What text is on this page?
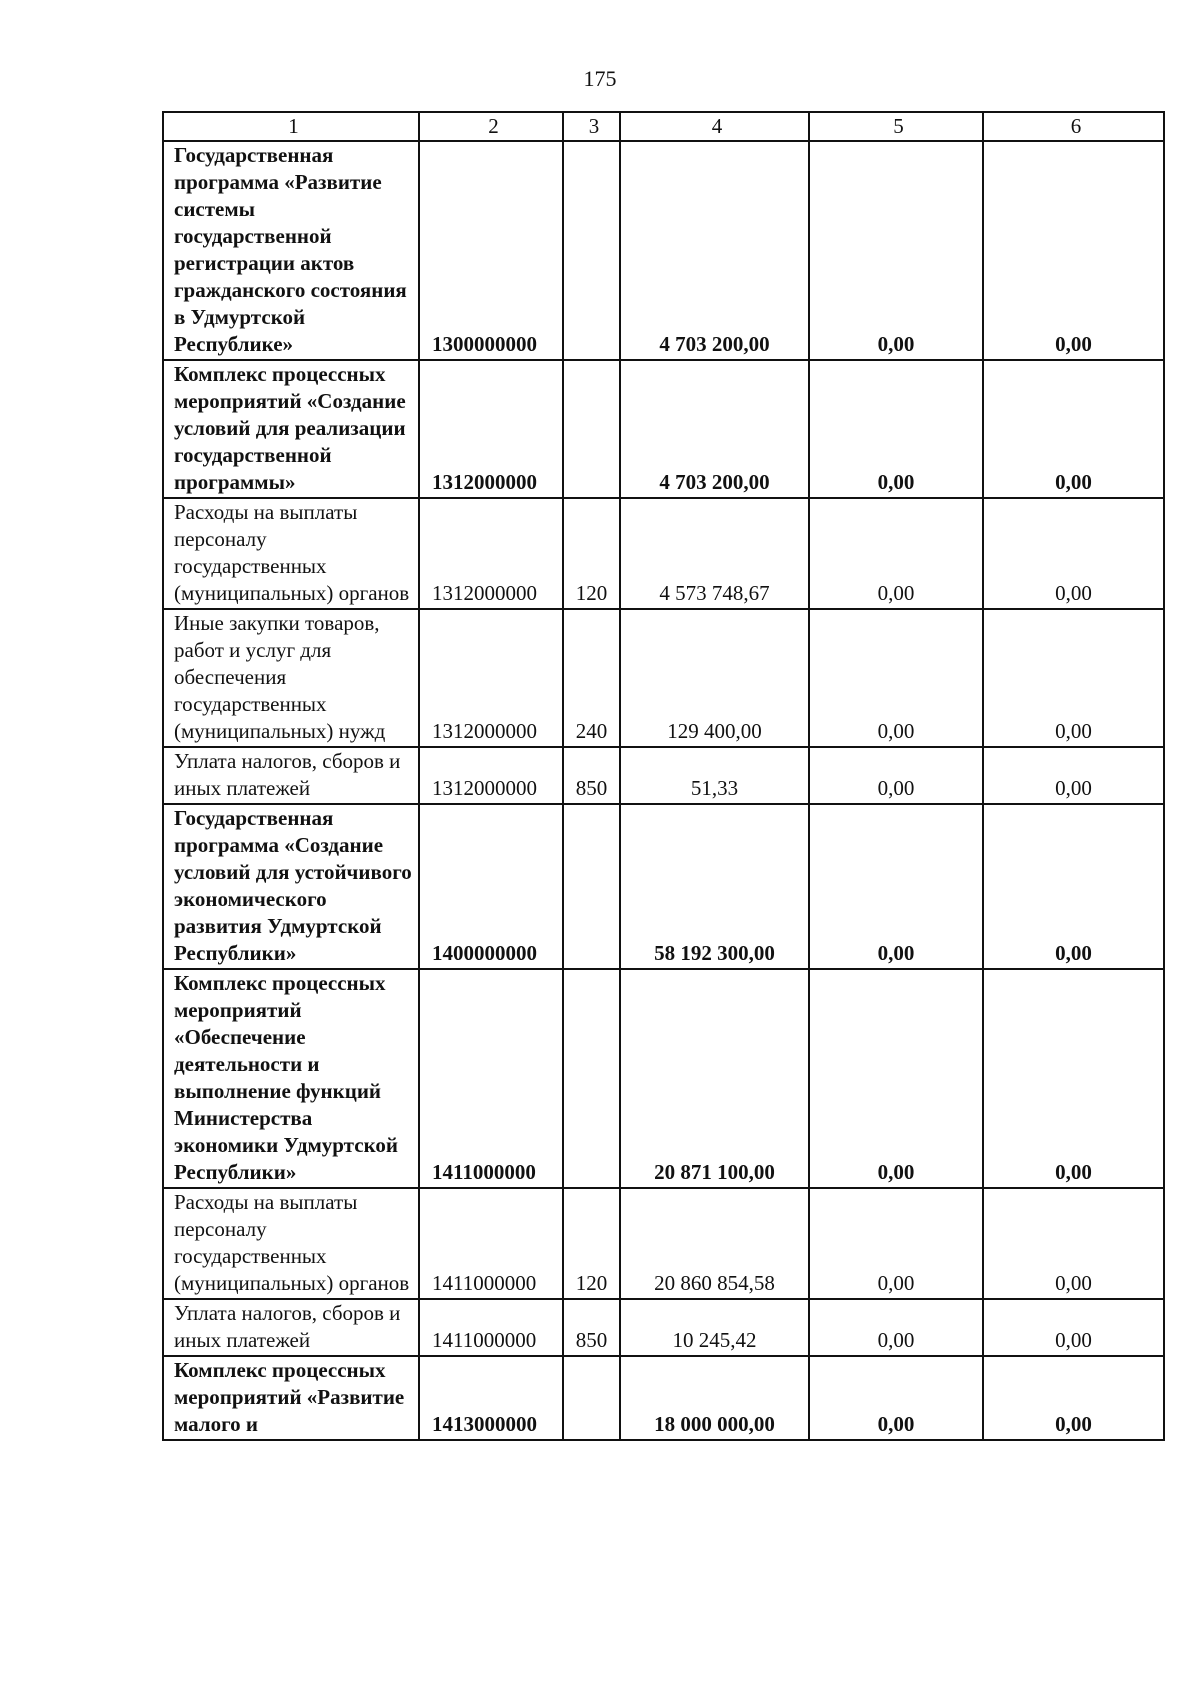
175
1	2	3	4	5	6
Государственная программа «Развитие системы государственной регистрации актов гражданского состояния в Удмуртской Республике»	1300000000		4 703 200,00	0,00	0,00
Комплекс процессных мероприятий «Создание условий для реализации государственной программы»	1312000000		4 703 200,00	0,00	0,00
Расходы на выплаты персоналу государственных (муниципальных) органов	1312000000	120	4 573 748,67	0,00	0,00
Иные закупки товаров, работ и услуг для обеспечения государственных (муниципальных) нужд	1312000000	240	129 400,00	0,00	0,00
Уплата налогов, сборов и иных платежей	1312000000	850	51,33	0,00	0,00
Государственная программа «Создание условий для устойчивого экономического развития Удмуртской Республики»	1400000000		58 192 300,00	0,00	0,00
Комплекс процессных мероприятий «Обеспечение деятельности и выполнение функций Министерства экономики Удмуртской Республики»	1411000000		20 871 100,00	0,00	0,00
Расходы на выплаты персоналу государственных (муниципальных) органов	1411000000	120	20 860 854,58	0,00	0,00
Уплата налогов, сборов и иных платежей	1411000000	850	10 245,42	0,00	0,00
Комплекс процессных мероприятий «Развитие малого и	1413000000		18 000 000,00	0,00	0,00
